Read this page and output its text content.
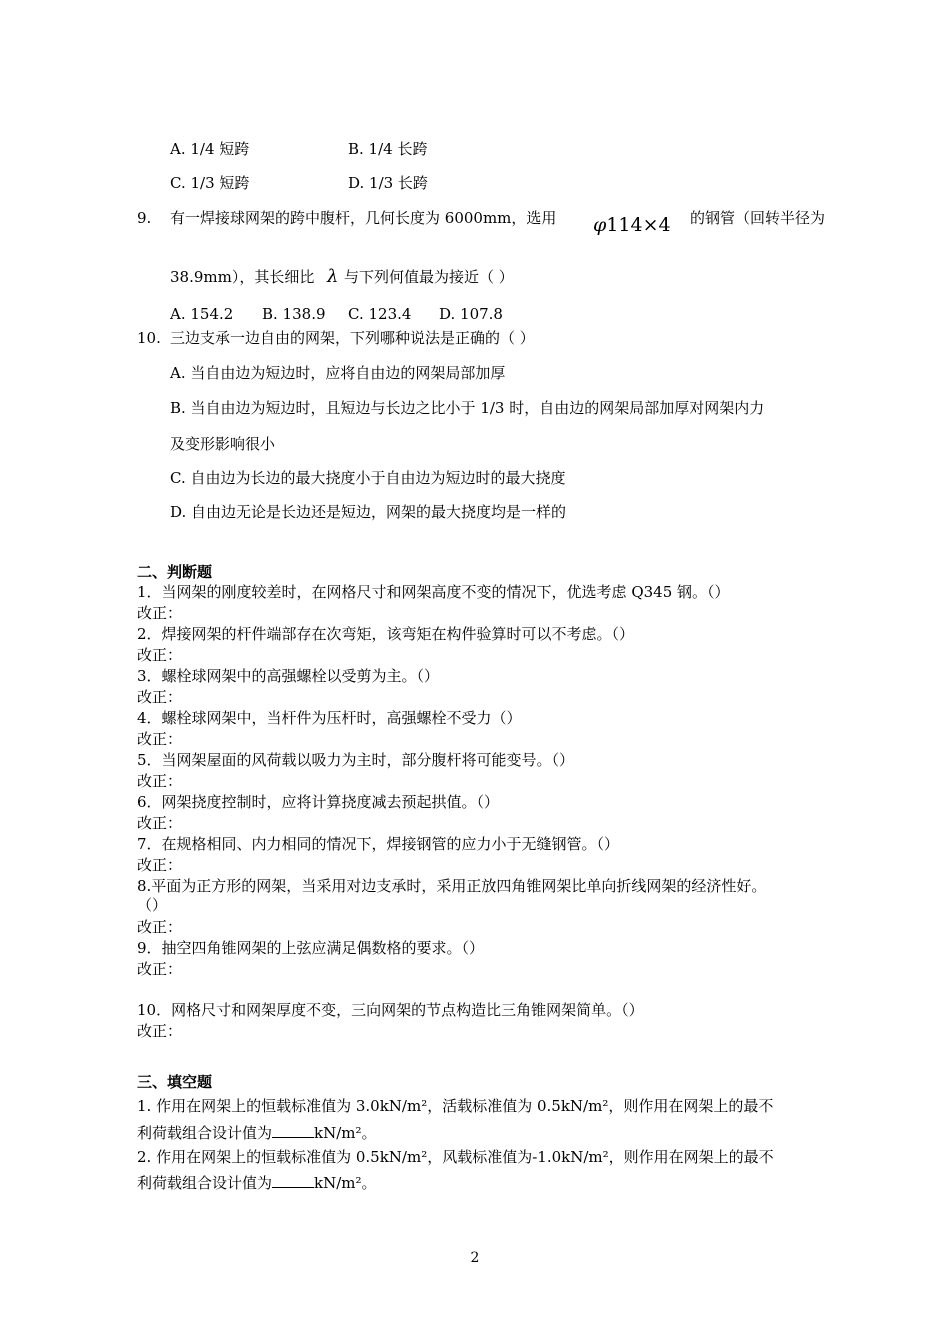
A. 1/4 短跨	B. 1/4 长跨
C. 1/3 短跨	D. 1/3 长跨
9. 有一焊接球网架的跨中腹杆，几何长度为 6000mm，选用 φ114×4 的钢管（回转半径为
38.9mm），其长细比 λ 与下列何值最为接近（ ）
A. 154.2 B. 138.9 C. 123.4 D. 107.8
10. 三边支承一边自由的网架，下列哪种说法是正确的（ ）
A. 当自由边为短边时，应将自由边的网架局部加厚
B. 当自由边为短边时，且短边与长边之比小于 1/3 时，自由边的网架局部加厚对网架内力
及变形影响很小
C. 自由边为长边的最大挠度小于自由边为短边时的最大挠度
D. 自由边无论是长边还是短边，网架的最大挠度均是一样的
二、判断题
1．当网架的刚度较差时，在网格尺寸和网架高度不变的情况下，优选考虑 Q345 钢。（）
改正：
2．焊接网架的杆件端部存在次弯矩，该弯矩在构件验算时可以不考虑。（）
改正：
3．螺栓球网架中的高强螺栓以受剪为主。（）
改正：
4．螺栓球网架中，当杆件为压杆时，高强螺栓不受力（）
改正：
5．当网架屋面的风荷载以吸力为主时，部分腹杆将可能变号。（）
改正：
6．网架挠度控制时，应将计算挠度减去预起拱值。（）
改正：
7．在规格相同、内力相同的情况下，焊接钢管的应力小于无缝钢管。（）
改正：
8.平面为正方形的网架，当采用对边支承时，采用正放四角锥网架比单向折线网架的经济性好。
（）
改正：
9．抽空四角锥网架的上弦应满足偶数格的要求。（）
改正：
10．网格尺寸和网架厚度不变，三向网架的节点构造比三角锥网架简单。（）
改正：
三、填空题
1. 作用在网架上的恒载标准值为 3.0kN/m²，活载标准值为 0.5kN/m²，则作用在网架上的最不
利荷载组合设计值为	kN/m²。
2. 作用在网架上的恒载标准值为 0.5kN/m²，风载标准值为-1.0kN/m²，则作用在网架上的最不
利荷载组合设计值为	kN/m²。
2
